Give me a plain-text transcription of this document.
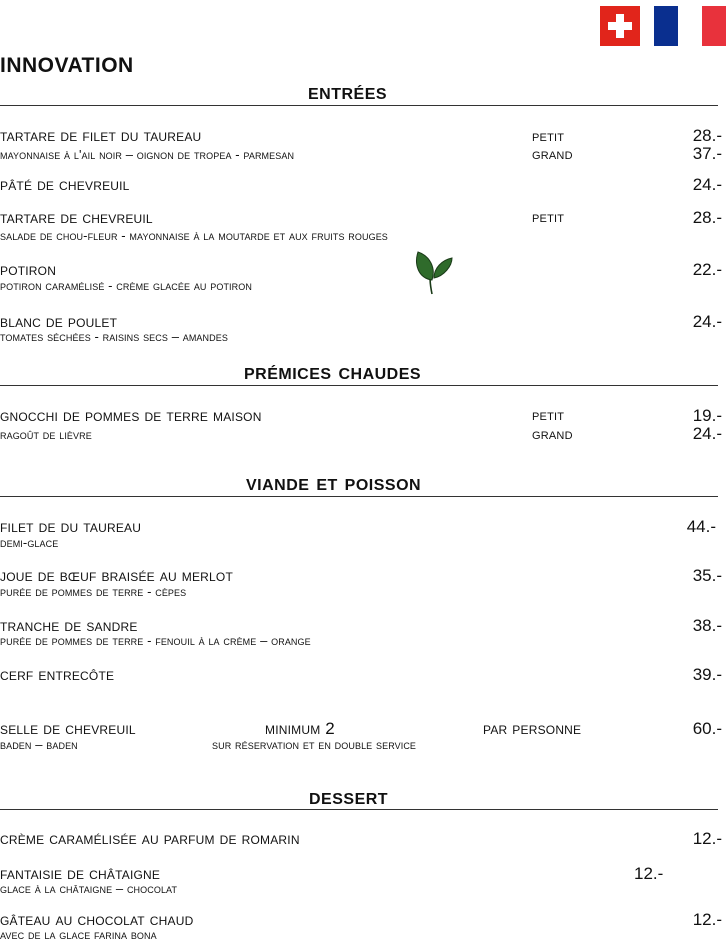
innovation
entrées
tartare de filet du taureau	petit	28.-
mayonnaise à l'ail noir – oignon de tropea - parmesan	grand	37.-
pâté de chevreuil	24.-
tartare de chevreuil	petit	28.-
salade de chou-fleur - mayonnaise à la moutarde et aux fruits rouges
potiron	22.-
potiron caramélisé - crème glacée au potiron
blanc de poulet	24.-
tomates séchées - raisins secs – amandes
prémices chaudes
gnocchi de pommes de terre maison	petit	19.-
ragoût de lièvre	grand	24.-
viande et poisson
filet de du taureau	44.-
demi-glace
joue de bœuf braisée au merlot	35.-
purée de pommes de terre - cèpes
tranche de sandre	38.-
purée de pommes de terre - fenouil à la crème – orange
cerf entrecôte	39.-
selle de chevreuil	minimum 2	par personne	60.-
baden – baden	sur réservation et en double service
dessert
crème caramélisée au parfum de romarin	12.-
fantaisie de châtaigne	12.-
glace à la châtaigne – chocolat
gâteau au chocolat chaud	12.-
avec de la glace farina bona
